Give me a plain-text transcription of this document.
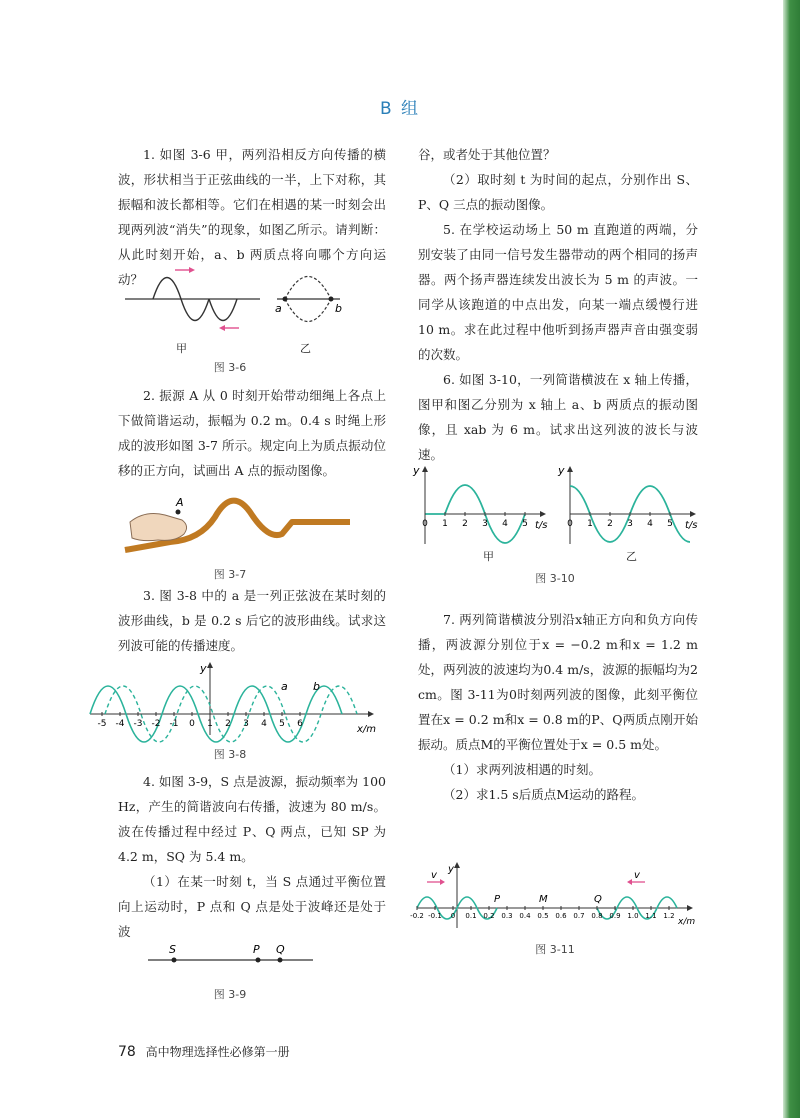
B 组

1. 如图 3-6 甲，两列沿相反方向传播的横波，形状相当于正弦曲线的一半，上下对称，其振幅和波长都相等。它们在相遇的某一时刻会出现两列波“消失”的现象，如图乙所示。请判断：从此时刻开始，a、b 两质点将向哪个方向运动？

a	b
甲	乙
图 3-6

2. 振源 A 从 0 时刻开始带动细绳上各点上下做简谐运动，振幅为 0.2 m。0.4 s 时绳上形成的波形如图 3-7 所示。规定向上为质点振动位移的正方向，试画出 A 点的振动图像。

A
图 3-7

3. 图 3-8 中的 a 是一列正弦波在某时刻的波形曲线，b 是 0.2 s 后它的波形曲线。试求这列波可能的传播速度。

y
x/m
a b
-5 -4 -3 -2 -1 0 1 2 3 4 5 6
图 3-8

4. 如图 3-9，S 点是波源，振动频率为 100 Hz，产生的简谐波向右传播，波速为 80 m/s。波在传播过程中经过 P、Q 两点，已知 SP 为 4.2 m，SQ 为 5.4 m。

（1）在某一时刻 t，当 S 点通过平衡位置向上运动时，P 点和 Q 点是处于波峰还是处于波

S	P Q
图 3-9

谷，或者处于其他位置？

（2）取时刻 t 为时间的起点，分别作出 S、P、Q 三点的振动图像。

5. 在学校运动场上 50 m 直跑道的两端，分别安装了由同一信号发生器带动的两个相同的扬声器。两个扬声器连续发出波长为 5 m 的声波。一同学从该跑道的中点出发，向某一端点缓慢行进 10 m。求在此过程中他听到扬声器声音由强变弱的次数。

6. 如图 3-10，一列简谐横波在 x 轴上传播，图甲和图乙分别为 x 轴上 a、b 两质点的振动图像，且 xab 为 6 m。试求出这列波的波长与波速。

y
t/s
0 1 2 3 4 5
y
t/s
0 1 2 3 4 5
甲	乙
图 3-10

7. 两列简谐横波分别沿x轴正方向和负方向传播，两波源分别位于x = −0.2 m和x = 1.2 m处，两列波的波速均为0.4 m/s，波源的振幅均为2 cm。图 3-11为0时刻两列波的图像，此刻平衡位置在x = 0.2 m和x = 0.8 m的P、Q两质点刚开始振动。质点M的平衡位置处于x = 0.5 m处。

（1）求两列波相遇的时刻。

（2）求1.5 s后质点M运动的路程。

y
x/m
v	v
P	M	Q
-0.2 -0.1 0 0.1 0.2 0.3 0.4 0.5 0.6 0.7 0.8 0.9 1.0 1.1 1.2
图 3-11
78 高中物理选择性必修第一册
